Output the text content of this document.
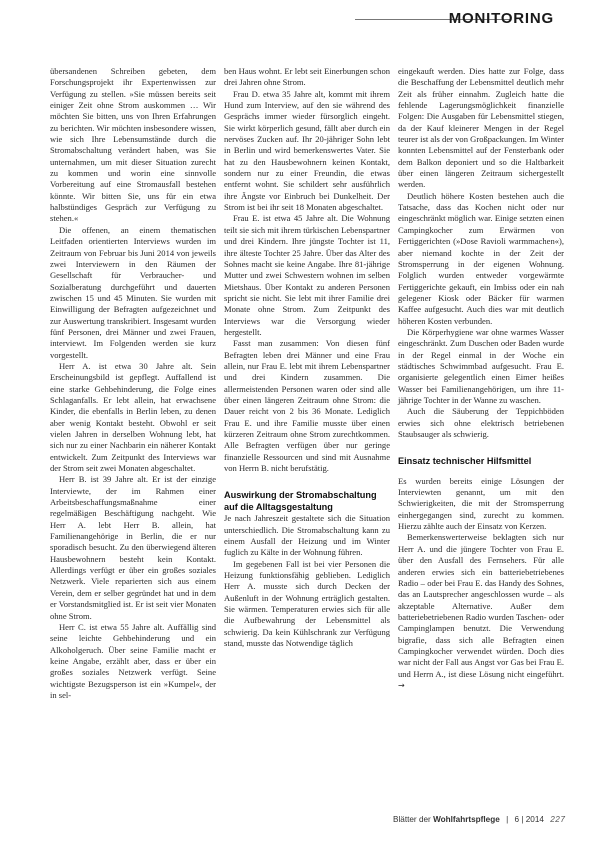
MONITORING

übersandenen Schreiben gebeten, dem Forschungsprojekt ihr Expertenwissen zur Verfügung zu stellen. »Sie müssen bereits seit einiger Zeit ohne Strom auskommen … Wir möchten Sie bitten, uns von Ihren Erfahrungen zu berichten. Wir möchten insbesondere wissen, wie sich Ihre Lebensumstände durch die Stromabschaltung verändert haben, was Sie unternahmen, um mit dieser Situation zurecht zu kommen und worin eine sinnvolle Vorbereitung auf eine Stromausfall bestehen könnte. Wir bitten Sie, uns für ein etwa halbstündiges Gespräch zur Verfügung zu stehen.«

Die offenen, an einem thematischen Leitfaden orientierten Interviews wurden im Zeitraum von Februar bis Juni 2014 von jeweils zwei Interviewern in den Räumen der Gesellschaft für Verbraucher- und Sozialberatung durchgeführt und dauerten zwischen 15 und 45 Minuten. Sie wurden mit Einwilligung der Befragten aufgezeichnet und zur Auswertung transkribiert. Insgesamt wurden fünf Personen, drei Männer und zwei Frauen, interviewt. Im Folgenden werden sie kurz vorgestellt.

Herr A. ist etwa 30 Jahre alt. Sein Erscheinungsbild ist gepflegt. Auffallend ist eine starke Gehbehinderung, die Folge eines Schlaganfalls. Er lebt allein, hat erwachsene Kinder, die ebenfalls in Berlin leben, zu denen aber wenig Kontakt besteht. Obwohl er seit vielen Jahren in derselben Wohnung lebt, hat sich nur zu einer Nachbarin ein näherer Kontakt entwickelt. Zum Zeitpunkt des Interviews war der Strom seit zwei Monaten abgeschaltet.

Herr B. ist 39 Jahre alt. Er ist der einzige Interviewte, der im Rahmen einer Arbeitsbeschaffungsmaßnahme einer regelmäßigen Beschäftigung nachgeht. Wie Herr A. lebt Herr B. allein, hat Familienangehörige in Berlin, die er nur sporadisch besucht. Zu den überwiegend älteren Hausbewohnern besteht kein Kontakt. Allerdings verfügt er über ein großes soziales Netzwerk. Viele reparierten sich aus einem Verein, dem er selber gegründet hat und in dem er Vorstandsmitglied ist. Er ist seit vier Monaten ohne Strom.

Herr C. ist etwa 55 Jahre alt. Auffällig sind seine leichte Gehbehinderung und ein Alkoholgeruch. Über seine Familie macht er keine Angabe, erzählt aber, dass er über ein großes soziales Netzwerk verfügt. Seine wichtigste Bezugsperson ist ein »Kumpel«, der in sel-

ben Haus wohnt. Er lebt seit Einerbungen schon drei Jahren ohne Strom.

Frau D. etwa 35 Jahre alt, kommt mit ihrem Hund zum Interview, auf den sie während des Gesprächs immer wieder fürsorglich eingeht. Sie wirkt körperlich gesund, fällt aber durch ein nervöses Zucken auf. Ihr 20-jähriger Sohn lebt in Berlin und wird bemerkenswertes Vater. Sie hat zu den Hausbewohnern keinen Kontakt, sondern nur zu einer Freundin, die etwas entfernt wohnt. Sie schildert sehr ausführlich ihre Ängste vor Einbruch bei Dunkelheit. Der Strom ist bei ihr seit 18 Monaten abgeschaltet.

Frau E. ist etwa 45 Jahre alt. Die Wohnung teilt sie sich mit ihrem türkischen Lebenspartner und drei Kindern. Ihre jüngste Tochter ist 11, ihre älteste Tochter 25 Jahre. Über das Alter des Sohnes macht sie keine Angabe. Ihre 81-jährige Mutter und zwei Schwestern wohnen im selben Mietshaus. Über Kontakt zu anderen Personen spricht sie nicht. Sie lebt mit ihrer Familie drei Monate ohne Strom. Zum Zeitpunkt des Interviews war die Versorgung wieder hergestellt.

Fasst man zusammen: Von diesen fünf Befragten leben drei Männer und eine Frau allein, nur Frau E. lebt mit ihrem Lebenspartner und drei Kindern zusammen. Die allermeistenden Personen waren oder sind alle über einen längeren Zeitraum ohne Strom: die Dauer reicht von 2 bis 36 Monate. Lediglich Frau E. und ihre Familie musste über einen kürzeren Zeitraum ohne Strom zurechtkommen. Alle Befragten verfügen über nur geringe finanzielle Ressourcen und sind mit Ausnahme von Herrn B. nicht berufstätig.

Auswirkung der Stromabschaltung auf die Alltagsgestaltung

Je nach Jahreszeit gestaltete sich die Situation unterschiedlich. Die Stromabschaltung kann zu einem Ausfall der Heizung und im Winter fuglich zu Kälte in der Wohnung führen.

Im gegebenen Fall ist bei vier Personen die Heizung funktionsfähig geblieben. Lediglich Herr A. musste sich durch Decken der Außenluft in der Wohnung erträglich gestalten. Sie wärmen. Temperaturen erwies sich für alle die Aufbewahrung der Lebensmittel als schwierig. Da kein Kühlschrank zur Verfügung stand, musste das Notwendige täglich

eingekauft werden. Dies hatte zur Folge, dass die Beschaffung der Lebensmittel deutlich mehr Zeit als früher einnahm. Zugleich hatte die fehlende Lagerungsmöglichkeit finanzielle Folgen: Die Ausgaben für Lebensmittel stiegen, da der Kauf kleinerer Mengen in der Regel teurer ist als der von Großpackungen. Im Winter konnten Lebensmittel auf der Fensterbank oder dem Balkon deponiert und so die Haltbarkeit über einen längeren Zeitraum sichergestellt werden.

Deutlich höhere Kosten bestehen auch die Tatsache, dass das Kochen nicht oder nur eingeschränkt möglich war. Einige setzten einen Campingkocher zum Erwärmen von Fertiggerichten (»Dose Ravioli warmmachen«), aber niemand kochte in der Zeit der Stromsperrung in der eigenen Wohnung. Folglich wurden entweder vorgewärmte Fertiggerichte gekauft, ein Imbiss oder ein nah gelegener Kiosk oder Bäcker für warmen Kaffee aufgesucht. Auch dies war mit deutlich höheren Kosten verbunden.

Die Körperhygiene war ohne warmes Wasser eingeschränkt. Zum Duschen oder Baden wurde in der Regel einmal in der Woche ein städtisches Schwimmbad aufgesucht. Frau E. organisierte gelegentlich einen Eimer heißes Wasser bei Familienangehörigen, um ihre 11-jährige Tochter in der Wanne zu waschen.

Auch die Säuberung der Teppichböden erwies sich ohne elektrisch betriebenen Staubsauger als schwierig.

Einsatz technischer Hilfsmittel

Es wurden bereits einige Lösungen der Interviewten genannt, um mit den Schwierigkeiten, die mit der Stromsperrung einhergegangen sind, zurecht zu kommen. Hierzu zählte auch der Einsatz von Kerzen.

Bemerkenswerterweise beklagten sich nur Herr A. und die jüngere Tochter von Frau E. über den Ausfall des Fernsehers. Für alle anderen erwies sich ein batteriebetriebenes Radio – oder bei Frau E. das Handy des Sohnes, das an Lautsprecher angeschlossen wurde – als akzeptable Alternative. Außer dem batteriebetriebenen Radio wurden Taschen- oder Campinglampen benutzt. Die Verwendung bigrafie, dass sich alle Befragten einen Campingkocher verwendet würden. Doch dies war nicht der Fall aus Angst vor Gas bei Frau E. und Herrn A., ist diese Lösung nicht eingeführt. →

Blätter der Wohlfahrtspflege | 6 | 2014 227
